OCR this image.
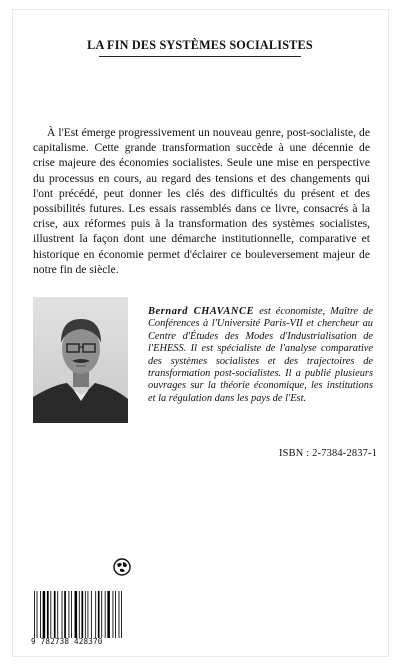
LA FIN DES SYSTÈMES SOCIALISTES

À l'Est émerge progressivement un nouveau genre, post-socialiste, de capitalisme. Cette grande transformation succède à une décennie de crise majeure des économies socialistes. Seule une mise en perspective du processus en cours, au regard des tensions et des changements qui l'ont précédé, peut donner les clés des difficultés du présent et des possibilités futures. Les essais rassemblés dans ce livre, consacrés à la crise, aux réformes puis à la transformation des systèmes socialistes, illustrent la façon dont une démarche institutionnelle, comparative et historique en économie permet d'éclairer ce bouleversement majeur de notre fin de siècle.

Bernard CHAVANCE est économiste, Maître de Conférences à l'Université Paris-VII et chercheur au Centre d'Études des Modes d'Industrialisation de l'EHESS. Il est spécialiste de l'analyse comparative des systèmes socialistes et des trajectoires de transformation post-socialistes. Il a publié plusieurs ouvrages sur la théorie économique, les institutions et la régulation dans les pays de l'Est.

ISBN : 2-7384-2837-1
9 782738 428370
